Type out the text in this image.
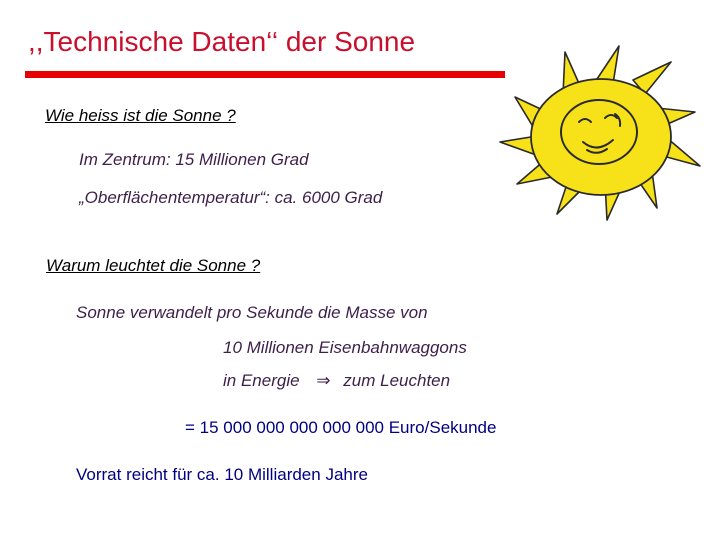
,,Technische Daten‘‘ der Sonne
Wie heiss ist die Sonne ?
Im Zentrum: 15 Millionen Grad
„Oberflächentemperatur“: ca. 6000 Grad
Warum leuchtet die Sonne ?
Sonne verwandelt pro Sekunde die Masse von
10 Millionen Eisenbahnwaggons
in Energie ⇒ zum Leuchten
= 15 000 000 000 000 000 Euro/Sekunde
Vorrat reicht für ca. 10 Milliarden Jahre
